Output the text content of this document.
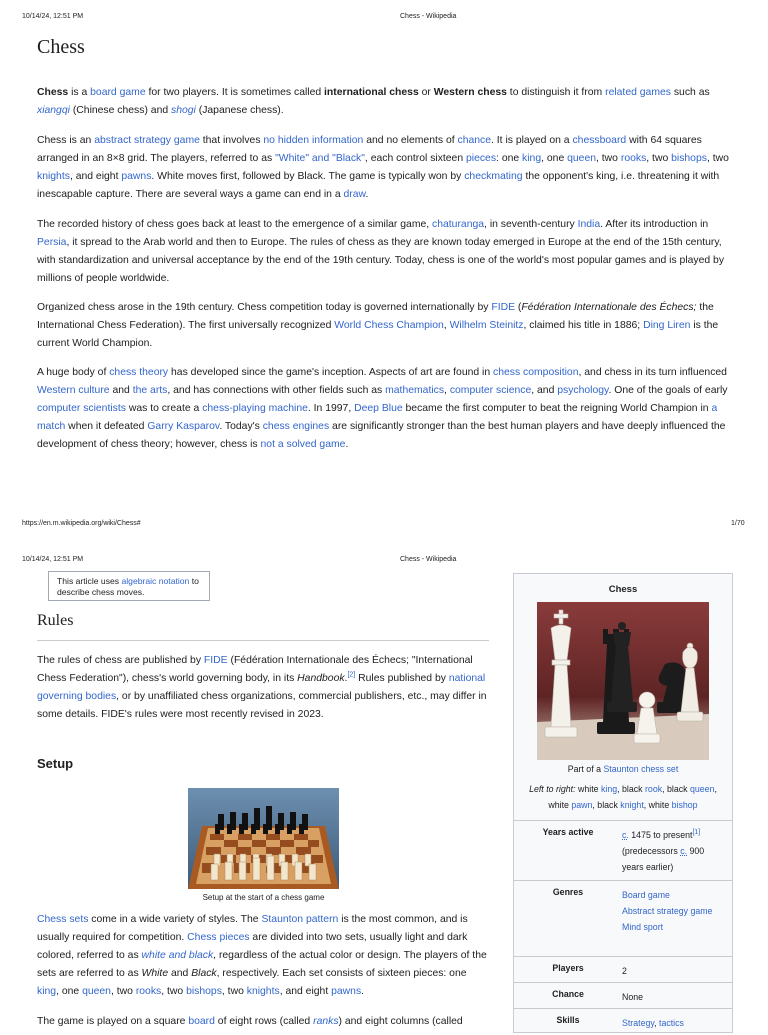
10/14/24, 12:51 PM	Chess - Wikipedia
Chess

Chess is a board game for two players. It is sometimes called international chess or Western chess to distinguish it from related games such as xiangqi (Chinese chess) and shogi (Japanese chess).

Chess is an abstract strategy game that involves no hidden information and no elements of chance. It is played on a chessboard with 64 squares arranged in an 8×8 grid. The players, referred to as "White" and "Black", each control sixteen pieces: one king, one queen, two rooks, two bishops, two knights, and eight pawns. White moves first, followed by Black. The game is typically won by checkmating the opponent's king, i.e. threatening it with inescapable capture. There are several ways a game can end in a draw.

The recorded history of chess goes back at least to the emergence of a similar game, chaturanga, in seventh-century India. After its introduction in Persia, it spread to the Arab world and then to Europe. The rules of chess as they are known today emerged in Europe at the end of the 15th century, with standardization and universal acceptance by the end of the 19th century. Today, chess is one of the world's most popular games and is played by millions of people worldwide.

Organized chess arose in the 19th century. Chess competition today is governed internationally by FIDE (Fédération Internationale des Échecs; the International Chess Federation). The first universally recognized World Chess Champion, Wilhelm Steinitz, claimed his title in 1886; Ding Liren is the current World Champion.

A huge body of chess theory has developed since the game's inception. Aspects of art are found in chess composition, and chess in its turn influenced Western culture and the arts, and has connections with other fields such as mathematics, computer science, and psychology. One of the goals of early computer scientists was to create a chess-playing machine. In 1997, Deep Blue became the first computer to beat the reigning World Champion in a match when it defeated Garry Kasparov. Today's chess engines are significantly stronger than the best human players and have deeply influenced the development of chess theory; however, chess is not a solved game.

https://en.m.wikipedia.org/wiki/Chess#	1/70
10/14/24, 12:51 PM	Chess - Wikipedia
This article uses algebraic notation to describe chess moves.
Rules

The rules of chess are published by FIDE (Fédération Internationale des Échecs; "International Chess Federation"), chess's world governing body, in its Handbook.[2] Rules published by national governing bodies, or by unaffiliated chess organizations, commercial publishers, etc., may differ in some details. FIDE's rules were most recently revised in 2023.

Setup
Setup at the start of a chess game

Chess sets come in a wide variety of styles. The Staunton pattern is the most common, and is usually required for competition. Chess pieces are divided into two sets, usually light and dark colored, referred to as white and black, regardless of the actual color or design. The players of the sets are referred to as White and Black, respectively. Each set consists of sixteen pieces: one king, one queen, two rooks, two bishops, two knights, and eight pawns.

The game is played on a square board of eight rows (called ranks) and eight columns (called

Chess
Part of a Staunton chess set
Left to right: white king, black rook, black queen, white pawn, black knight, white bishop
Years active	c. 1475 to present[1]
(predecessors c. 900 years earlier)
Genres	Board game
Abstract strategy game
Mind sport
Players	2
Chance	None
Skills	Strategy, tactics
